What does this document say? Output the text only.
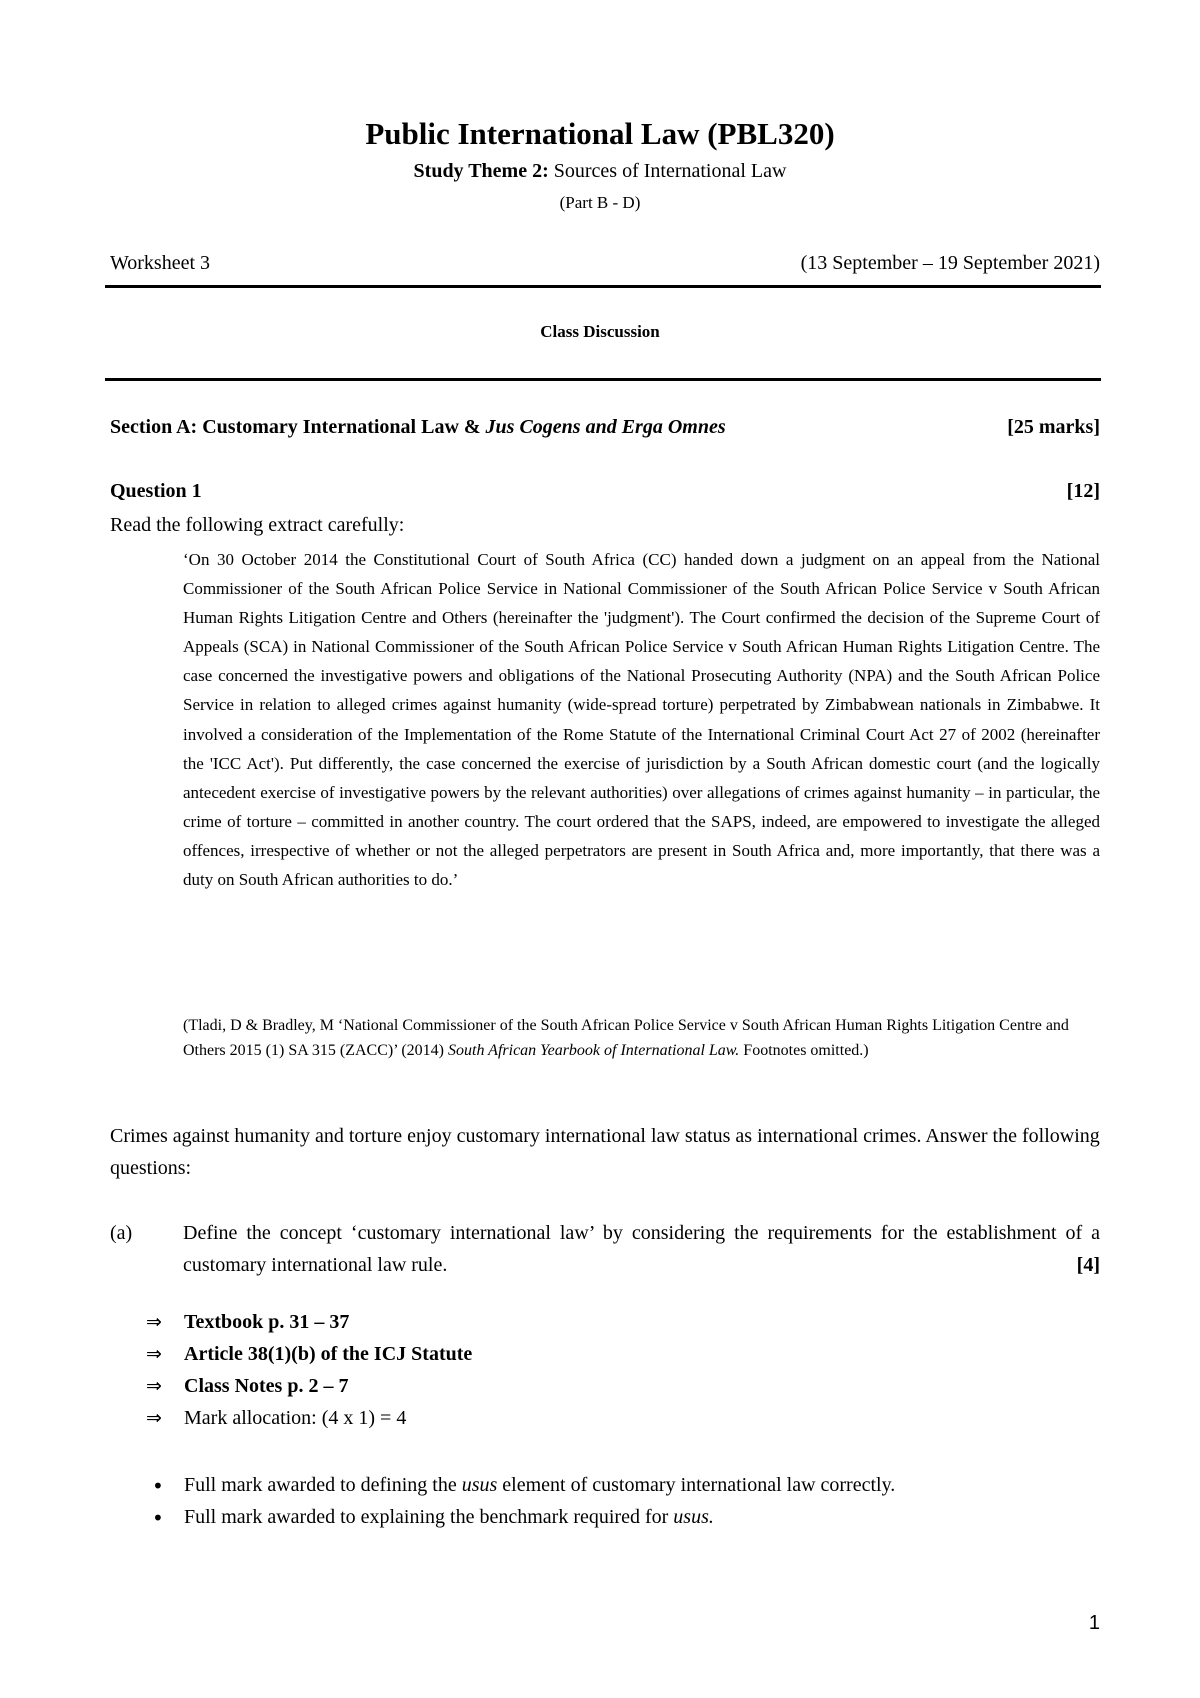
Public International Law (PBL320)
Study Theme 2: Sources of International Law
(Part B - D)
Worksheet 3	(13 September – 19 September 2021)
Class Discussion
Section A: Customary International Law & Jus Cogens and Erga Omnes	[25 marks]
Question 1	[12]
Read the following extract carefully:
‘On 30 October 2014 the Constitutional Court of South Africa (CC) handed down a judgment on an appeal from the National Commissioner of the South African Police Service in National Commissioner of the South African Police Service v South African Human Rights Litigation Centre and Others (hereinafter the 'judgment'). The Court confirmed the decision of the Supreme Court of Appeals (SCA) in National Commissioner of the South African Police Service v South African Human Rights Litigation Centre. The case concerned the investigative powers and obligations of the National Prosecuting Authority (NPA) and the South African Police Service in relation to alleged crimes against humanity (wide-spread torture) perpetrated by Zimbabwean nationals in Zimbabwe. It involved a consideration of the Implementation of the Rome Statute of the International Criminal Court Act 27 of 2002 (hereinafter the 'ICC Act'). Put differently, the case concerned the exercise of jurisdiction by a South African domestic court (and the logically antecedent exercise of investigative powers by the relevant authorities) over allegations of crimes against humanity – in particular, the crime of torture – committed in another country. The court ordered that the SAPS, indeed, are empowered to investigate the alleged offences, irrespective of whether or not the alleged perpetrators are present in South Africa and, more importantly, that there was a duty on South African authorities to do.’
(Tladi, D & Bradley, M ‘National Commissioner of the South African Police Service v South African Human Rights Litigation Centre and Others 2015 (1) SA 315 (ZACC)’ (2014) South African Yearbook of International Law. Footnotes omitted.)
Crimes against humanity and torture enjoy customary international law status as international crimes. Answer the following questions:
(a)	Define the concept ‘customary international law’ by considering the requirements for the establishment of a customary international law rule.	[4]
⇒	Textbook p. 31 – 37
⇒	Article 38(1)(b) of the ICJ Statute
⇒	Class Notes p. 2 – 7
⇒	Mark allocation: (4 x 1) = 4
•	Full mark awarded to defining the usus element of customary international law correctly.
•	Full mark awarded to explaining the benchmark required for usus.
1
